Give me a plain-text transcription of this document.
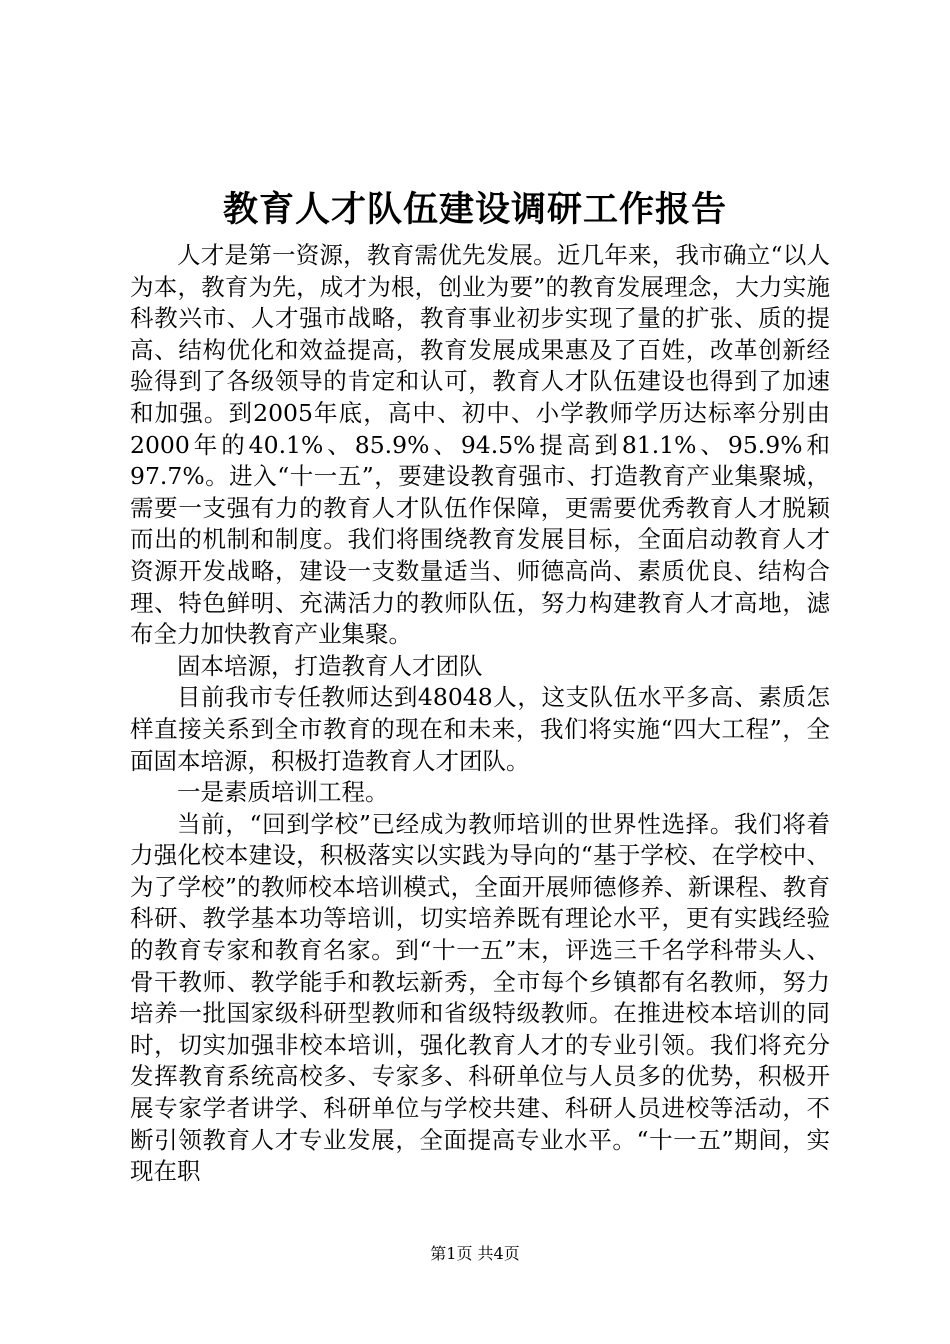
教育人才队伍建设调研工作报告

人才是第一资源，教育需优先发展。近几年来，我市确立“以人为本，教育为先，成才为根，创业为要”的教育发展理念，大力实施科教兴市、人才强市战略，教育事业初步实现了量的扩张、质的提高、结构优化和效益提高，教育发展成果惠及了百姓，改革创新经验得到了各级领导的肯定和认可，教育人才队伍建设也得到了加速和加强。到2005年底，高中、初中、小学教师学历达标率分别由2000年的40.1%、85.9%、94.5%提高到81.1%、95.9%和97.7%。进入“十一五”，要建设教育强市、打造教育产业集聚城，需要一支强有力的教育人才队伍作保障，更需要优秀教育人才脱颖而出的机制和制度。我们将围绕教育发展目标，全面启动教育人才资源开发战略，建设一支数量适当、师德高尚、素质优良、结构合理、特色鲜明、充满活力的教师队伍，努力构建教育人才高地，滤布全力加快教育产业集聚。

固本培源，打造教育人才团队

目前我市专任教师达到48048人，这支队伍水平多高、素质怎样直接关系到全市教育的现在和未来，我们将实施“四大工程”，全面固本培源，积极打造教育人才团队。

一是素质培训工程。

当前，“回到学校”已经成为教师培训的世界性选择。我们将着力强化校本建设，积极落实以实践为导向的“基于学校、在学校中、为了学校”的教师校本培训模式，全面开展师德修养、新课程、教育科研、教学基本功等培训，切实培养既有理论水平，更有实践经验的教育专家和教育名家。到“十一五”末，评选三千名学科带头人、骨干教师、教学能手和教坛新秀，全市每个乡镇都有名教师，努力培养一批国家级科研型教师和省级特级教师。在推进校本培训的同时，切实加强非校本培训，强化教育人才的专业引领。我们将充分发挥教育系统高校多、专家多、科研单位与人员多的优势，积极开展专家学者讲学、科研单位与学校共建、科研人员进校等活动，不断引领教育人才专业发展，全面提高专业水平。“十一五”期间，实现在职

第1页 共4页
